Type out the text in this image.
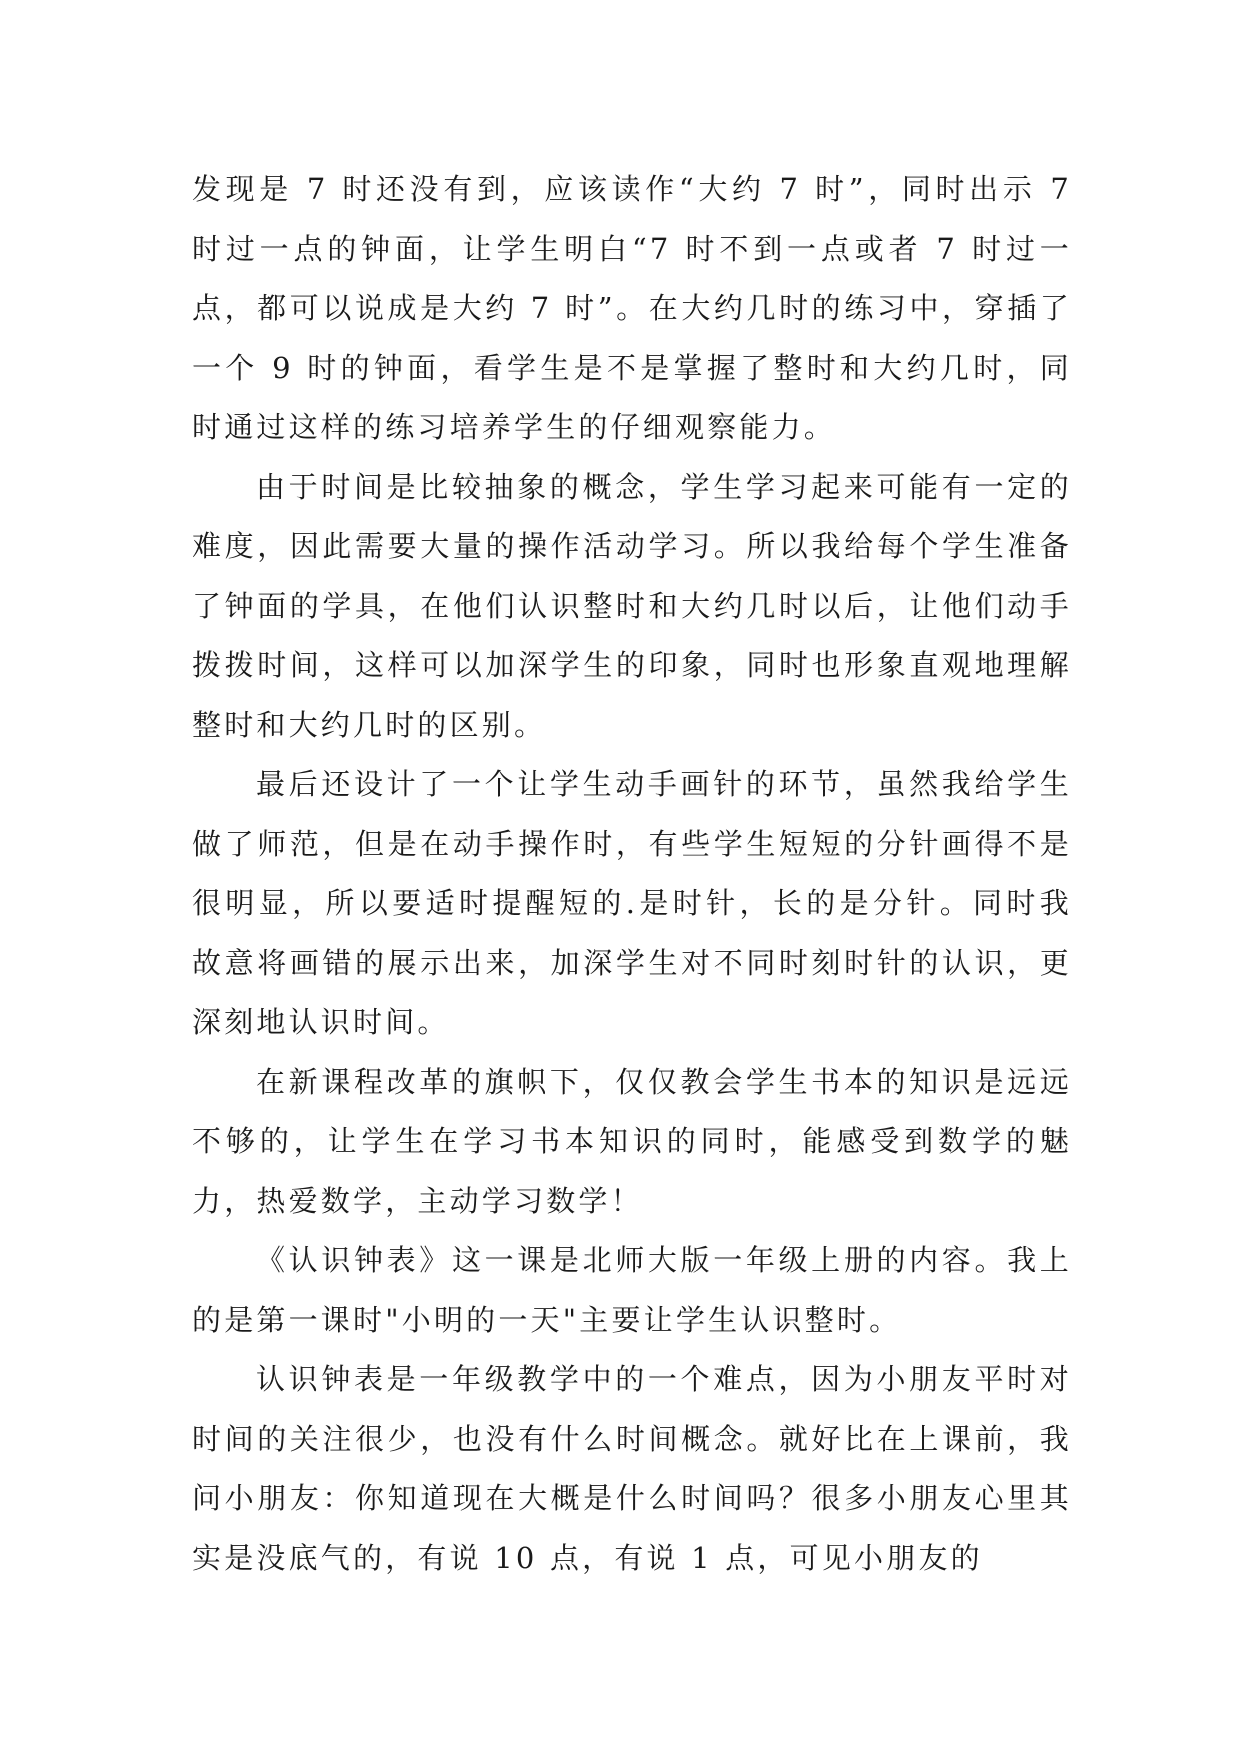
发现是 7 时还没有到，应该读作“大约 7 时”，同时出示 7 时过一点的钟面，让学生明白“7 时不到一点或者 7 时过一点，都可以说成是大约 7 时”。在大约几时的练习中，穿插了一个 9 时的钟面，看学生是不是掌握了整时和大约几时，同时通过这样的练习培养学生的仔细观察能力。

由于时间是比较抽象的概念，学生学习起来可能有一定的难度，因此需要大量的操作活动学习。所以我给每个学生准备了钟面的学具，在他们认识整时和大约几时以后，让他们动手拨拨时间，这样可以加深学生的印象，同时也形象直观地理解整时和大约几时的区别。

最后还设计了一个让学生动手画针的环节，虽然我给学生做了师范，但是在动手操作时，有些学生短短的分针画得不是很明显，所以要适时提醒短的.是时针，长的是分针。同时我故意将画错的展示出来，加深学生对不同时刻时针的认识，更深刻地认识时间。

在新课程改革的旗帜下，仅仅教会学生书本的知识是远远不够的，让学生在学习书本知识的同时，能感受到数学的魅力，热爱数学，主动学习数学！

《认识钟表》这一课是北师大版一年级上册的内容。我上的是第一课时"小明的一天"主要让学生认识整时。

认识钟表是一年级教学中的一个难点，因为小朋友平时对时间的关注很少，也没有什么时间概念。就好比在上课前，我问小朋友：你知道现在大概是什么时间吗？很多小朋友心里其实是没底气的，有说 10 点，有说 1 点，可见小朋友的
